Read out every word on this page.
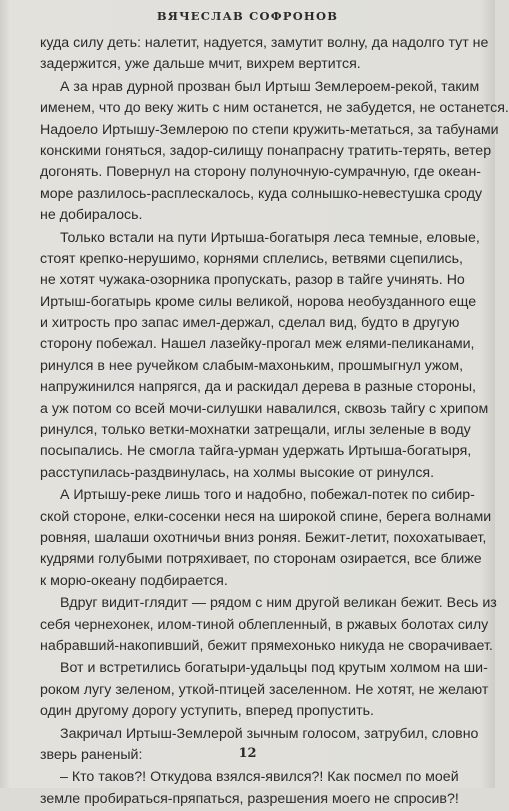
ВЯЧЕСЛАВ СОФРОНОВ
куда силу деть: налетит, надуется, замутит волну, да надолго тут не
задержится, уже дальше мчит, вихрем вертится.
А за нрав дурной прозван был Иртыш Землероем-рекой, таким
именем, что до веку жить с ним останется, не забудется, не останется.
Надоело Иртышу-Землерою по степи кружить-метаться, за табунами
конскими гоняться, задор-силищу понапрасну тратить-терять, ветер
догонять. Повернул на сторону полуночную-сумрачную, где океан-
море разлилось-расплескалось, куда солнышко-невестушка сроду
не добиралось.
Только встали на пути Иртыша-богатыря леса темные, еловые,
стоят крепко-нерушимо, корнями сплелись, ветвями сцепились,
не хотят чужака-озорника пропускать, разор в тайге учинять. Но
Иртыш-богатырь кроме силы великой, норова необузданного еще
и хитрость про запас имел-держал, сделал вид, будто в другую
сторону побежал. Нашел лазейку-прогал меж елями-пеликанами,
ринулся в нее ручейком слабым-махоньким, прошмыгнул ужом,
напружинился напрягся, да и раскидал дерева в разные стороны,
а уж потом со всей мочи-силушки навалился, сквозь тайгу с хрипом
ринулся, только ветки-мохнатки затрещали, иглы зеленые в воду
посыпались. Не смогла тайга-урман удержать Иртыша-богатыря,
расступилась-раздвинулась, на холмы высокие от ринулся.
А Иртышу-реке лишь того и надобно, побежал-потек по сибир-
ской стороне, елки-сосенки неся на широкой спине, берега волнами
ровняя, шалаши охотничьи вниз роняя. Бежит-летит, похохатывает,
кудрями голубыми потряхивает, по сторонам озирается, все ближе
к морю-океану подбирается.
Вдруг видит-глядит — рядом с ним другой великан бежит. Весь из
себя чернехонек, илом-тиной облепленный, в ржавых болотах силу
набравший-накопивший, бежит прямехонько никуда не сворачивает.
Вот и встретились богатыри-удальцы под крутым холмом на ши-
роком лугу зеленом, уткой-птицей заселенном. Не хотят, не желают
один другому дорогу уступить, вперед пропустить.
Закричал Иртыш-Землерой зычным голосом, затрубил, словно
зверь раненый:
– Кто таков?! Откудова взялся-явился?! Как посмел по моей
земле пробираться-пряпаться, разрешения моего не спросив?!
12
